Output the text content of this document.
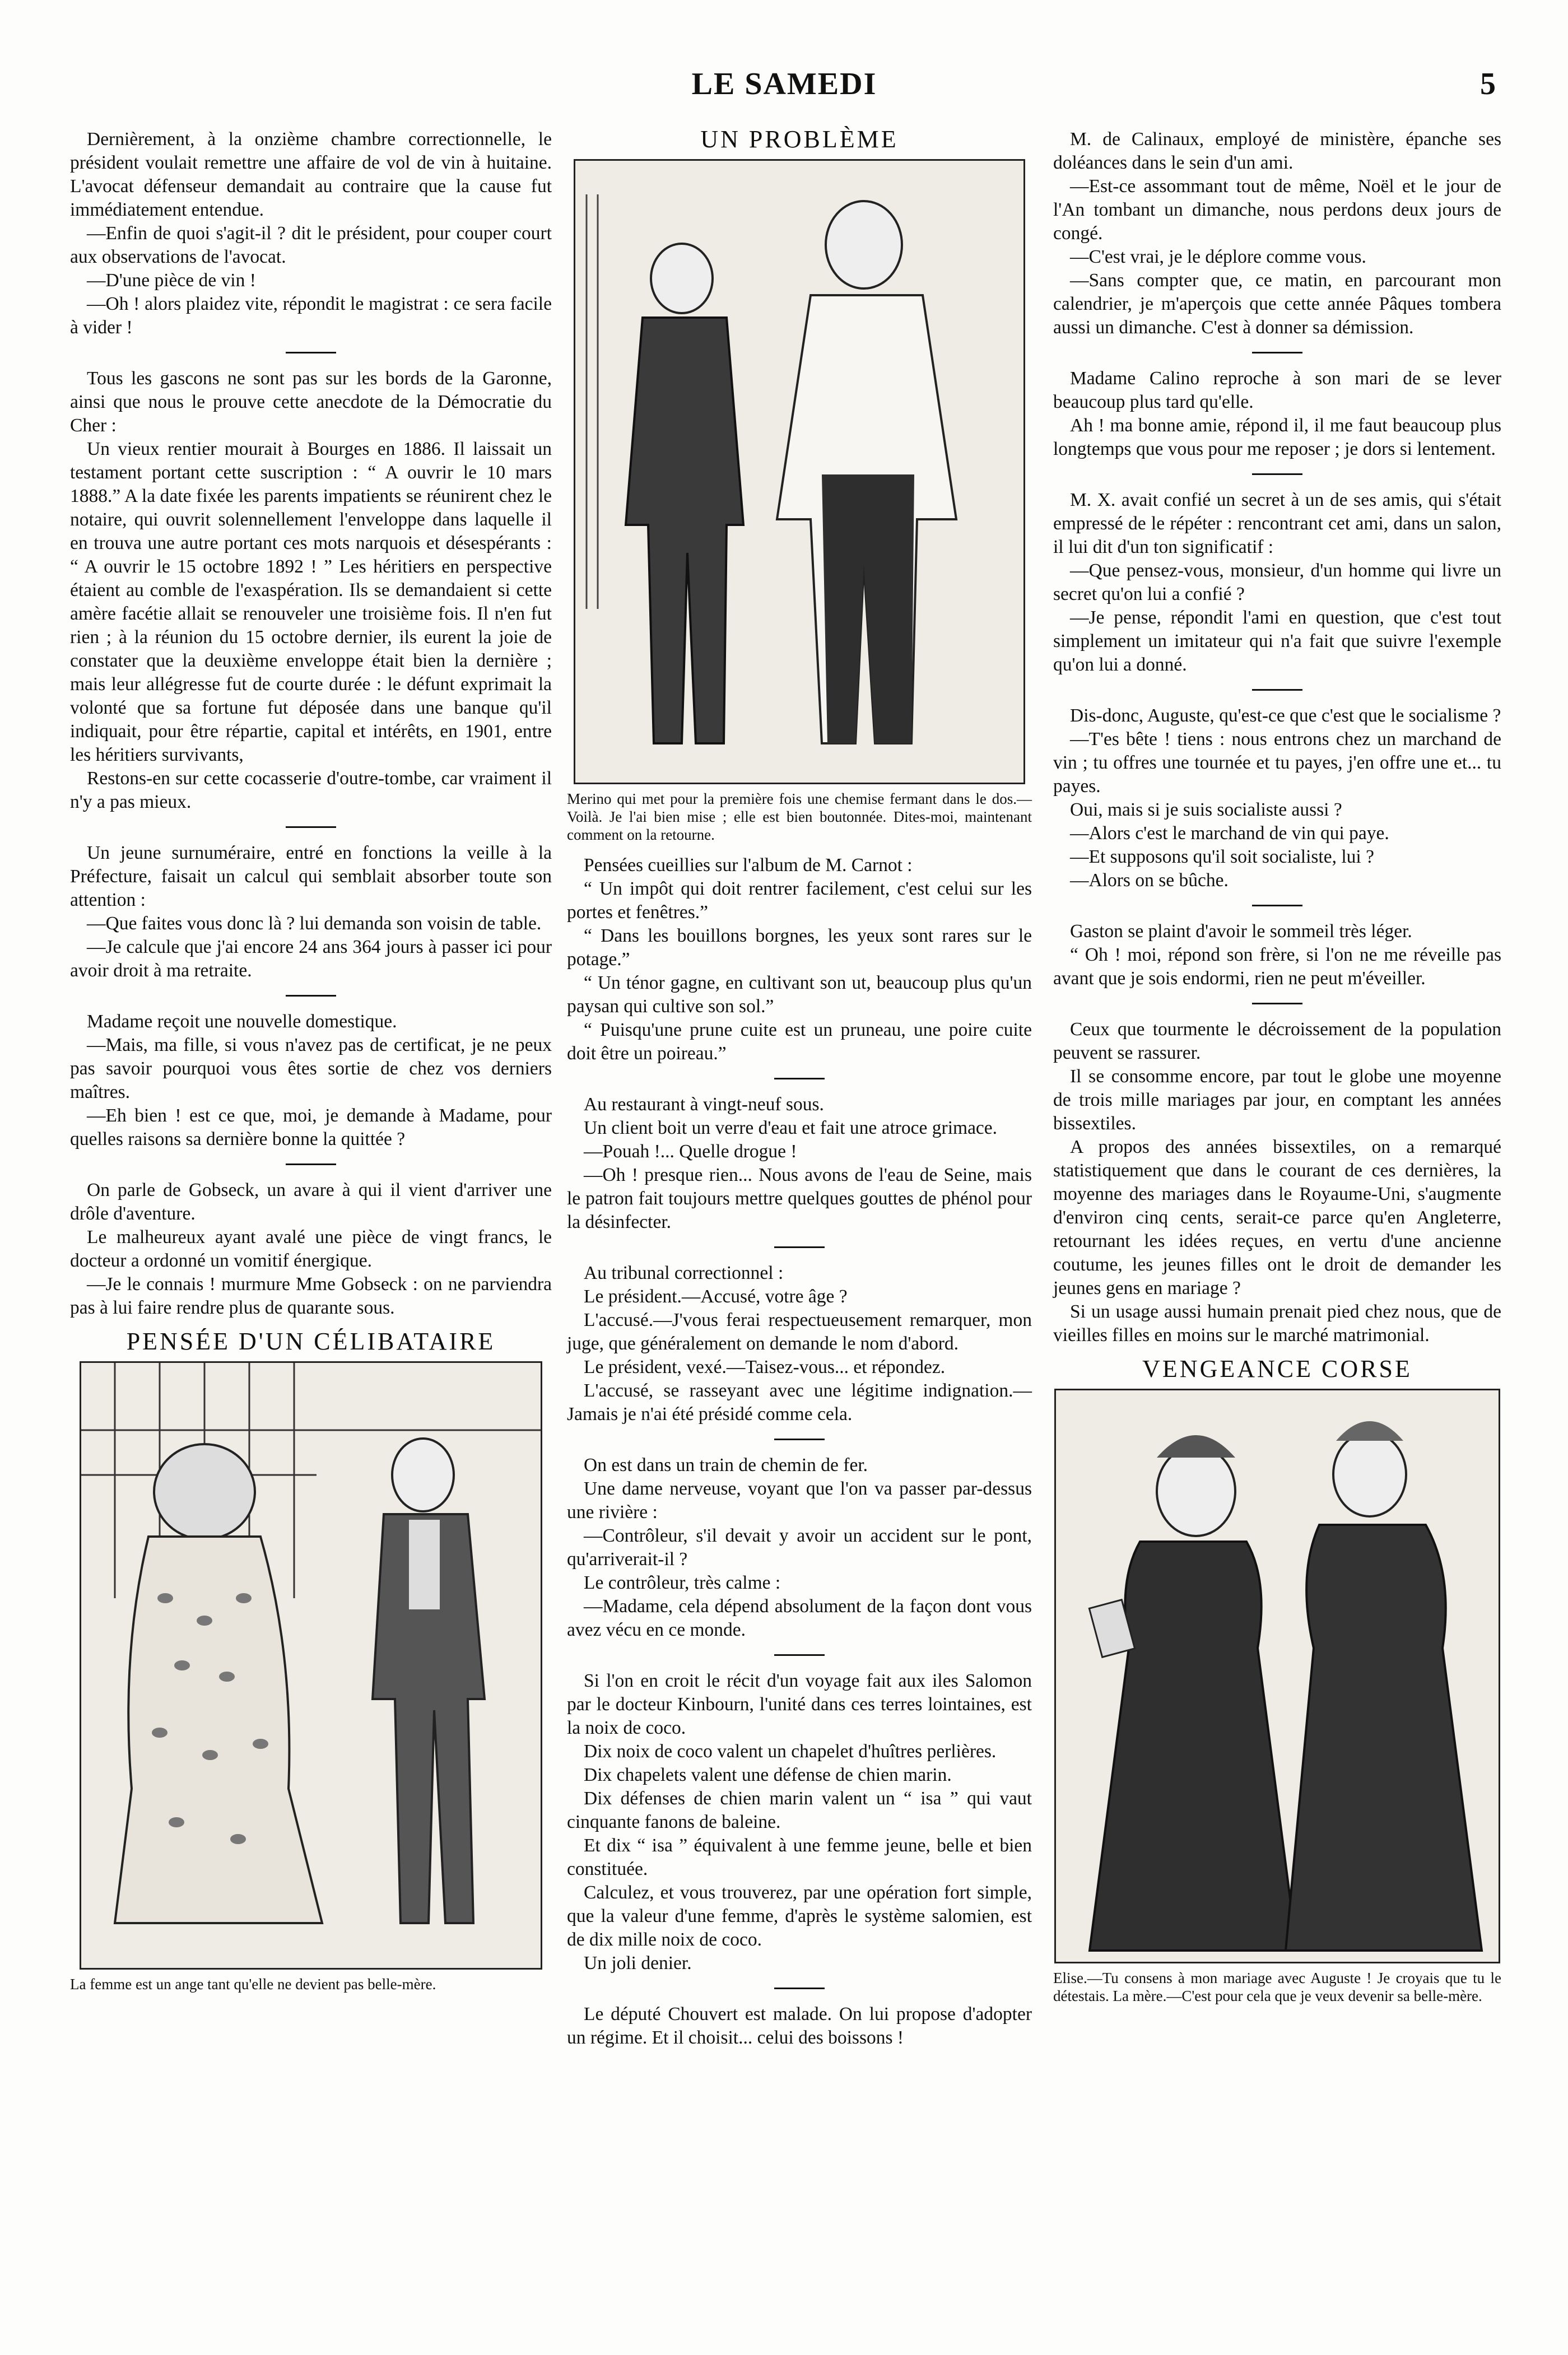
LE SAMEDI	5

Dernièrement, à la onzième chambre correctionnelle, le président voulait remettre une affaire de vol de vin à huitaine. L'avocat défenseur demandait au contraire que la cause fut immédiatement entendue.

—Enfin de quoi s'agit-il ? dit le président, pour couper court aux observations de l'avocat.

—D'une pièce de vin !

—Oh ! alors plaidez vite, répondit le magistrat : ce sera facile à vider !

Tous les gascons ne sont pas sur les bords de la Garonne, ainsi que nous le prouve cette anecdote de la Démocratie du Cher :

Un vieux rentier mourait à Bourges en 1886. Il laissait un testament portant cette suscription : “ A ouvrir le 10 mars 1888.” A la date fixée les parents impatients se réunirent chez le notaire, qui ouvrit solennellement l'enveloppe dans laquelle il en trouva une autre portant ces mots narquois et désespérants : “ A ouvrir le 15 octobre 1892 ! ” Les héritiers en perspective étaient au comble de l'exaspération. Ils se demandaient si cette amère facétie allait se renouveler une troisième fois. Il n'en fut rien ; à la réunion du 15 octobre dernier, ils eurent la joie de constater que la deuxième enveloppe était bien la dernière ; mais leur allégresse fut de courte durée : le défunt exprimait la volonté que sa fortune fut déposée dans une banque qu'il indiquait, pour être répartie, capital et intérêts, en 1901, entre les héritiers survivants,

Restons-en sur cette cocasserie d'outre-tombe, car vraiment il n'y a pas mieux.

Un jeune surnuméraire, entré en fonctions la veille à la Préfecture, faisait un calcul qui semblait absorber toute son attention :

—Que faites vous donc là ? lui demanda son voisin de table.

—Je calcule que j'ai encore 24 ans 364 jours à passer ici pour avoir droit à ma retraite.

Madame reçoit une nouvelle domestique.

—Mais, ma fille, si vous n'avez pas de certificat, je ne peux pas savoir pourquoi vous êtes sortie de chez vos derniers maîtres.

—Eh bien ! est ce que, moi, je demande à Madame, pour quelles raisons sa dernière bonne la quittée ?

On parle de Gobseck, un avare à qui il vient d'arriver une drôle d'aventure.

Le malheureux ayant avalé une pièce de vingt francs, le docteur a ordonné un vomitif énergique.

—Je le connais ! murmure Mme Gobseck : on ne parviendra pas à lui faire rendre plus de quarante sous.

PENSÉE D'UN CÉLIBATAIRE

La femme est un ange tant qu'elle ne devient pas belle-mère.

UN PROBLÈME

Merino qui met pour la première fois une chemise fermant dans le dos.—Voilà. Je l'ai bien mise ; elle est bien boutonnée. Dites-moi, maintenant comment on la retourne.

Pensées cueillies sur l'album de M. Carnot :

“ Un impôt qui doit rentrer facilement, c'est celui sur les portes et fenêtres.”

“ Dans les bouillons borgnes, les yeux sont rares sur le potage.”

“ Un ténor gagne, en cultivant son ut, beaucoup plus qu'un paysan qui cultive son sol.”

“ Puisqu'une prune cuite est un pruneau, une poire cuite doit être un poireau.”

Au restaurant à vingt-neuf sous.

Un client boit un verre d'eau et fait une atroce grimace.

—Pouah !... Quelle drogue !

—Oh ! presque rien... Nous avons de l'eau de Seine, mais le patron fait toujours mettre quelques gouttes de phénol pour la désinfecter.

Au tribunal correctionnel :

Le président.—Accusé, votre âge ?

L'accusé.—J'vous ferai respectueusement remarquer, mon juge, que généralement on demande le nom d'abord.

Le président, vexé.—Taisez-vous... et répondez.

L'accusé, se rasseyant avec une légitime indignation.—Jamais je n'ai été présidé comme cela.

On est dans un train de chemin de fer.

Une dame nerveuse, voyant que l'on va passer par-dessus une rivière :

—Contrôleur, s'il devait y avoir un accident sur le pont, qu'arriverait-il ?

Le contrôleur, très calme :

—Madame, cela dépend absolument de la façon dont vous avez vécu en ce monde.

Si l'on en croit le récit d'un voyage fait aux iles Salomon par le docteur Kinbourn, l'unité dans ces terres lointaines, est la noix de coco.

Dix noix de coco valent un chapelet d'huîtres perlières.

Dix chapelets valent une défense de chien marin.

Dix défenses de chien marin valent un “ isa ” qui vaut cinquante fanons de baleine.

Et dix “ isa ” équivalent à une femme jeune, belle et bien constituée.

Calculez, et vous trouverez, par une opération fort simple, que la valeur d'une femme, d'après le système salomien, est de dix mille noix de coco.

Un joli denier.

Le député Chouvert est malade. On lui propose d'adopter un régime. Et il choisit... celui des boissons !

M. de Calinaux, employé de ministère, épanche ses doléances dans le sein d'un ami.

—Est-ce assommant tout de même, Noël et le jour de l'An tombant un dimanche, nous perdons deux jours de congé.

—C'est vrai, je le déplore comme vous.

—Sans compter que, ce matin, en parcourant mon calendrier, je m'aperçois que cette année Pâques tombera aussi un dimanche. C'est à donner sa démission.

Madame Calino reproche à son mari de se lever beaucoup plus tard qu'elle.

Ah ! ma bonne amie, répond il, il me faut beaucoup plus longtemps que vous pour me reposer ; je dors si lentement.

M. X. avait confié un secret à un de ses amis, qui s'était empressé de le répéter : rencontrant cet ami, dans un salon, il lui dit d'un ton significatif :

—Que pensez-vous, monsieur, d'un homme qui livre un secret qu'on lui a confié ?

—Je pense, répondit l'ami en question, que c'est tout simplement un imitateur qui n'a fait que suivre l'exemple qu'on lui a donné.

Dis-donc, Auguste, qu'est-ce que c'est que le socialisme ?

—T'es bête ! tiens : nous entrons chez un marchand de vin ; tu offres une tournée et tu payes, j'en offre une et... tu payes.

Oui, mais si je suis socialiste aussi ?

—Alors c'est le marchand de vin qui paye.

—Et supposons qu'il soit socialiste, lui ?

—Alors on se bûche.

Gaston se plaint d'avoir le sommeil très léger.

“ Oh ! moi, répond son frère, si l'on ne me réveille pas avant que je sois endormi, rien ne peut m'éveiller.

Ceux que tourmente le décroissement de la population peuvent se rassurer.

Il se consomme encore, par tout le globe une moyenne de trois mille mariages par jour, en comptant les années bissextiles.

A propos des années bissextiles, on a remarqué statistiquement que dans le courant de ces dernières, la moyenne des mariages dans le Royaume-Uni, s'augmente d'environ cinq cents, serait-ce parce qu'en Angleterre, retournant les idées reçues, en vertu d'une ancienne coutume, les jeunes filles ont le droit de demander les jeunes gens en mariage ?

Si un usage aussi humain prenait pied chez nous, que de vieilles filles en moins sur le marché matrimonial.

VENGEANCE CORSE

Elise.—Tu consens à mon mariage avec Auguste ! Je croyais que tu le détestais. La mère.—C'est pour cela que je veux devenir sa belle-mère.
